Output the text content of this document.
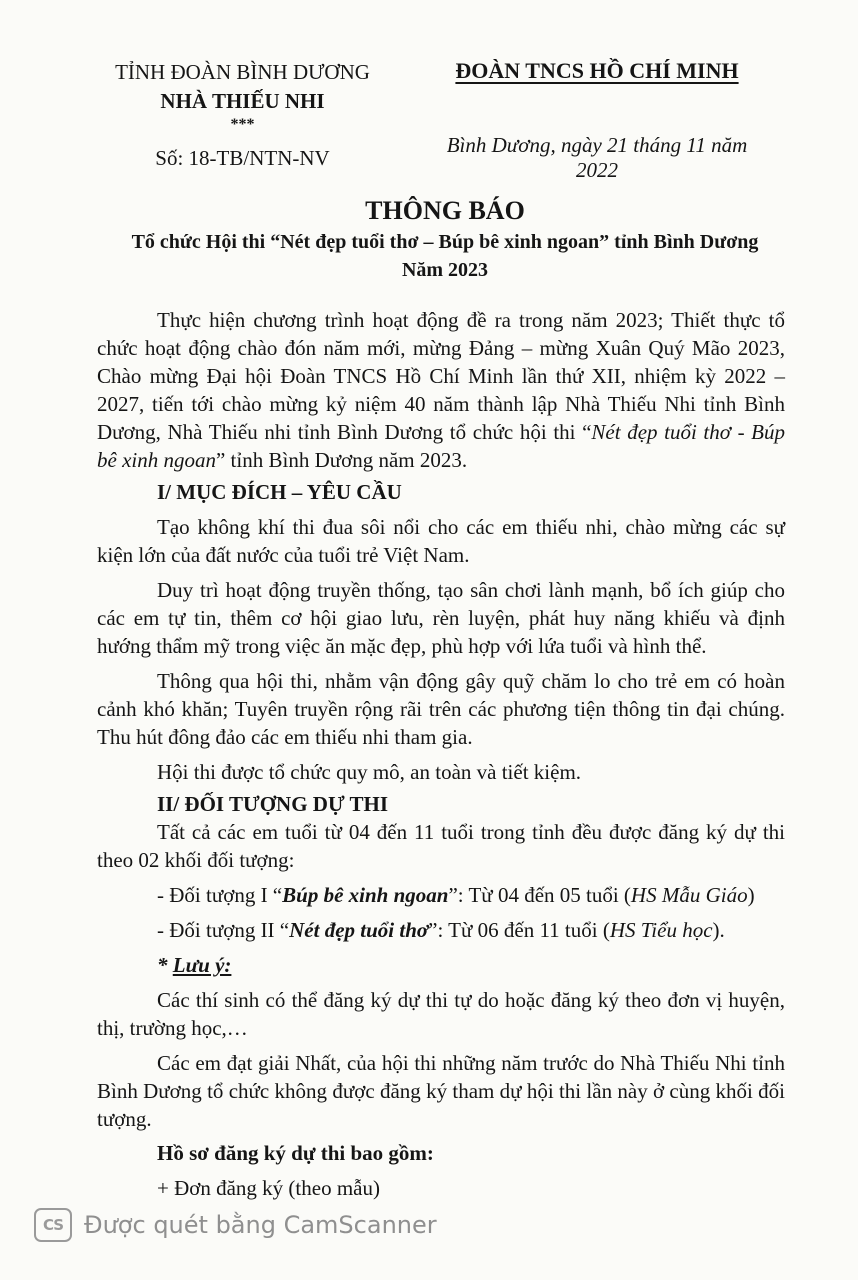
TỈNH ĐOÀN BÌNH DƯƠNG
NHÀ THIẾU NHI
***
Số: 18-TB/NTN-NV
ĐOÀN TNCS HỒ CHÍ MINH
Bình Dương, ngày 21 tháng 11 năm 2022
THÔNG BÁO
Tổ chức Hội thi “Nét đẹp tuổi thơ – Búp bê xinh ngoan” tỉnh Bình Dương
Năm 2023

Thực hiện chương trình hoạt động đề ra trong năm 2023; Thiết thực tổ chức hoạt động chào đón năm mới, mừng Đảng – mừng Xuân Quý Mão 2023, Chào mừng Đại hội Đoàn TNCS Hồ Chí Minh lần thứ XII, nhiệm kỳ 2022 – 2027, tiến tới chào mừng kỷ niệm 40 năm thành lập Nhà Thiếu Nhi tỉnh Bình Dương, Nhà Thiếu nhi tỉnh Bình Dương tổ chức hội thi “Nét đẹp tuổi thơ - Búp bê xinh ngoan” tỉnh Bình Dương năm 2023.

I/ MỤC ĐÍCH – YÊU CẦU

Tạo không khí thi đua sôi nổi cho các em thiếu nhi, chào mừng các sự kiện lớn của đất nước của tuổi trẻ Việt Nam.

Duy trì hoạt động truyền thống, tạo sân chơi lành mạnh, bổ ích giúp cho các em tự tin, thêm cơ hội giao lưu, rèn luyện, phát huy năng khiếu và định hướng thẩm mỹ trong việc ăn mặc đẹp, phù hợp với lứa tuổi và hình thể.

Thông qua hội thi, nhằm vận động gây quỹ chăm lo cho trẻ em có hoàn cảnh khó khăn; Tuyên truyền rộng rãi trên các phương tiện thông tin đại chúng. Thu hút đông đảo các em thiếu nhi tham gia.

Hội thi được tổ chức quy mô, an toàn và tiết kiệm.

II/ ĐỐI TƯỢNG DỰ THI

Tất cả các em tuổi từ 04 đến 11 tuổi trong tỉnh đều được đăng ký dự thi theo 02 khối đối tượng:

- Đối tượng I “Búp bê xinh ngoan”: Từ 04 đến 05 tuổi (HS Mẫu Giáo)

- Đối tượng II “Nét đẹp tuổi thơ”: Từ 06 đến 11 tuổi (HS Tiểu học).

* Lưu ý:

Các thí sinh có thể đăng ký dự thi tự do hoặc đăng ký theo đơn vị huyện, thị, trường học,…

Các em đạt giải Nhất, của hội thi những năm trước do Nhà Thiếu Nhi tỉnh Bình Dương tổ chức không được đăng ký tham dự hội thi lần này ở cùng khối đối tượng.

Hồ sơ đăng ký dự thi bao gồm:

+ Đơn đăng ký (theo mẫu)

CS Được quét bằng CamScanner
